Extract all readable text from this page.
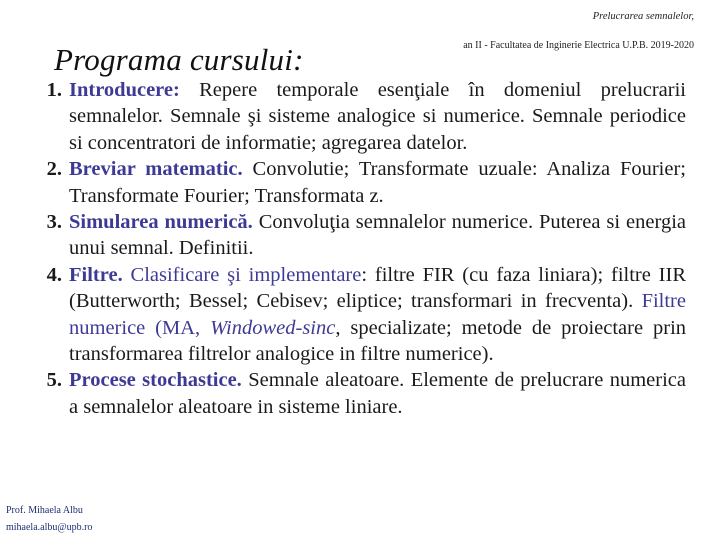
Prelucrarea semnalelor,
an II - Facultatea de Inginerie Electrica U.P.B. 2019-2020
Programa cursului:
1. Introducere: Repere temporale esenţiale în domeniul prelucrarii semnalelor. Semnale şi sisteme analogice si numerice. Semnale periodice si concentratori de informatie; agregarea datelor.
2. Breviar matematic. Convolutie; Transformate uzuale: Analiza Fourier; Transformate Fourier; Transformata z.
3. Simularea numerică. Convoluţia semnalelor numerice. Puterea si energia unui semnal. Definitii.
4. Filtre. Clasificare şi implementare: filtre FIR (cu faza liniara); filtre IIR (Butterworth; Bessel; Cebisev; eliptice; transformari in frecventa). Filtre numerice (MA, Windowed-sinc, specializate; metode de proiectare prin transformarea filtrelor analogice in filtre numerice).
5. Procese stochastice. Semnale aleatoare. Elemente de prelucrare numerica a semnalelor aleatoare in sisteme liniare.
Prof. Mihaela Albu
mihaela.albu@upb.ro
